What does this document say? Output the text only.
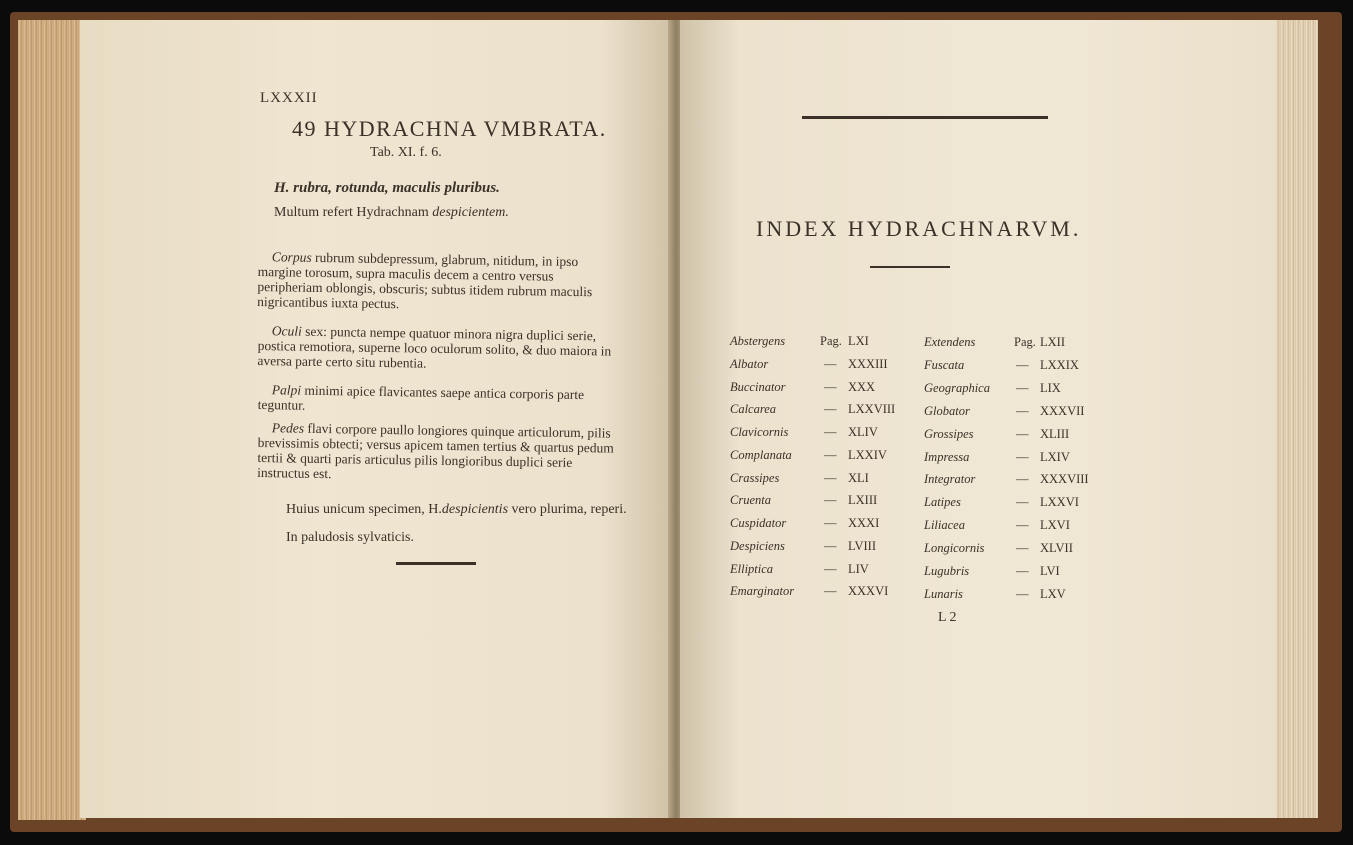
LXXXII
49 HYDRACHNA VMBRATA.
Tab. XI. f. 6.
H. rubra, rotunda, maculis pluribus.
Multum refert Hydrachnam despicientem.
Corpus rubrum subdepressum, glabrum, nitidum, in ipso margine torosum, supra maculis decem a centro versus peripheriam oblongis, obscuris; subtus itidem rubrum maculis nigricantibus iuxta pectus.
Oculi sex: puncta nempe quatuor minora nigra duplici serie, postica remotiora, superne loco oculorum solito, & duo maiora in aversa parte certo situ rubentia.
Palpi minimi apice flavicantes saepe antica corporis parte teguntur.
Pedes flavi corpore paullo longiores quinque articulorum, pilis brevissimis obtecti; versus apicem tamen tertius & quartus pedum tertii & quarti paris articulus pilis longioribus duplici serie instructus est.
Huius unicum specimen, H.despicientis vero plurima, reperi.
In paludosis sylvaticis.
INDEX HYDRACHNARVM.
Abstergens	Pag. LXI
Albator	— XXXIII
Buccinator	— XXX
Calcarea	— LXXVIII
Clavicornis	— XLIV
Complanata	— LXXIV
Crassipes	— XLI
Cruenta	— LXIII
Cuspidator	— XXXI
Despiciens	— LVIII
Elliptica	— LIV
Emarginator — XXXVI
Extendens	Pag. LXII
Fuscata	— LXXIX
Geographica — LIX
Globator	— XXXVII
Grossipes	— XLIII
Impressa	— LXIV
Integrator	— XXXVIII
Latipes	— LXXVI
Liliacea	— LXVI
Longicornis	— XLVII
Lugubris	— LVI
Lunaris	— LXV
L 2
